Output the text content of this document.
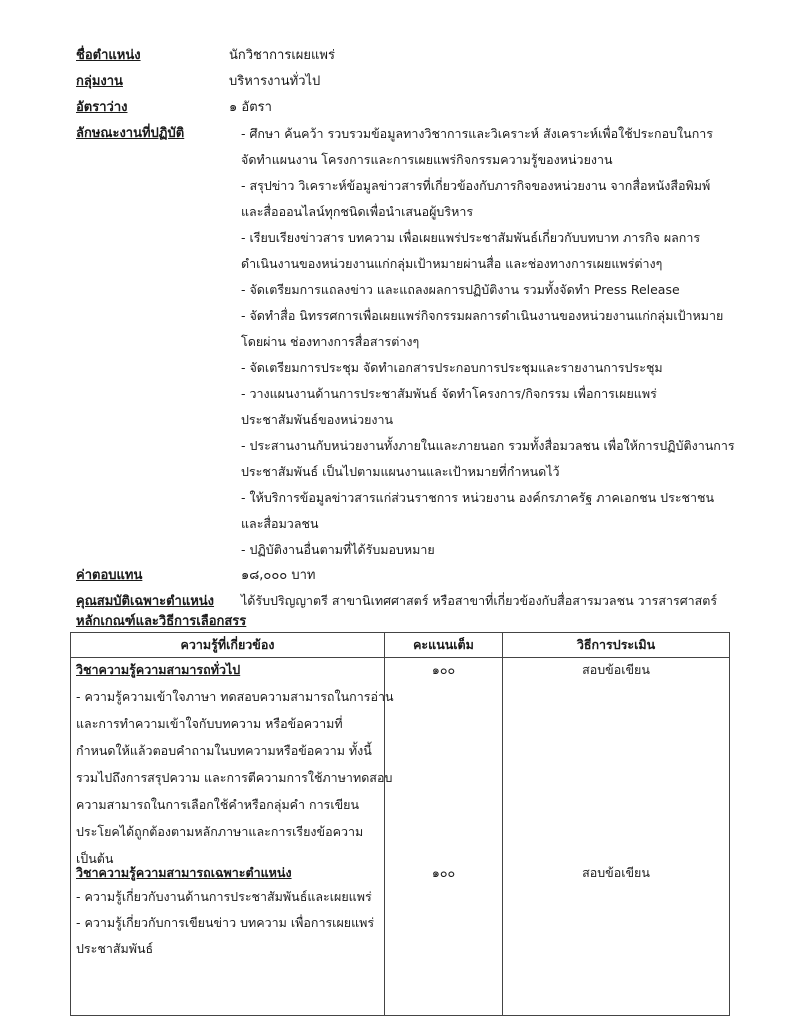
ชื่อตำแหน่ง	นักวิชาการเผยแพร่
กลุ่มงาน	บริหารงานทั่วไป
อัตราว่าง	๑ อัตรา
ลักษณะงานที่ปฏิบัติ	- ศึกษา ค้นคว้า รวบรวมข้อมูลทางวิชาการและวิเคราะห์ สังเคราะห์เพื่อใช้ประกอบในการ
จัดทำแผนงาน โครงการและการเผยแพร่กิจกรรมความรู้ของหน่วยงาน
- สรุปข่าว วิเคราะห์ข้อมูลข่าวสารที่เกี่ยวข้องกับภารกิจของหน่วยงาน จากสื่อหนังสือพิมพ์
และสื่อออนไลน์ทุกชนิดเพื่อนำเสนอผู้บริหาร
- เรียบเรียงข่าวสาร บทความ เพื่อเผยแพร่ประชาสัมพันธ์เกี่ยวกับบทบาท ภารกิจ ผลการ
ดำเนินงานของหน่วยงานแก่กลุ่มเป้าหมายผ่านสื่อ และช่องทางการเผยแพร่ต่างๆ
- จัดเตรียมการแถลงข่าว และแถลงผลการปฏิบัติงาน รวมทั้งจัดทำ Press Release
- จัดทำสื่อ นิทรรศการเพื่อเผยแพร่กิจกรรมผลการดำเนินงานของหน่วยงานแก่กลุ่มเป้าหมาย
โดยผ่าน ช่องทางการสื่อสารต่างๆ
- จัดเตรียมการประชุม จัดทำเอกสารประกอบการประชุมและรายงานการประชุม
- วางแผนงานด้านการประชาสัมพันธ์ จัดทำโครงการ/กิจกรรม เพื่อการเผยแพร่
ประชาสัมพันธ์ของหน่วยงาน
- ประสานงานกับหน่วยงานทั้งภายในและภายนอก รวมทั้งสื่อมวลชน เพื่อให้การปฏิบัติงานการ
ประชาสัมพันธ์ เป็นไปตามแผนงานและเป้าหมายที่กำหนดไว้
- ให้บริการข้อมูลข่าวสารแก่ส่วนราชการ หน่วยงาน องค์กรภาครัฐ ภาคเอกชน ประชาชน
และสื่อมวลชน
- ปฏิบัติงานอื่นตามที่ได้รับมอบหมาย
ค่าตอบแทน	๑๘,๐๐๐ บาท
คุณสมบัติเฉพาะตำแหน่ง ได้รับปริญญาตรี สาขานิเทศศาสตร์ หรือสาขาที่เกี่ยวข้องกับสื่อสารมวลชน วารสารศาสตร์
หลักเกณฑ์และวิธีการเลือกสรร
ความรู้ที่เกี่ยวข้อง	คะแนนเต็ม	วิธีการประเมิน
วิชาความรู้ความสามารถทั่วไป
- ความรู้ความเข้าใจภาษา ทดสอบความสามารถในการอ่าน
และการทำความเข้าใจกับบทความ หรือข้อความที่
กำหนดให้แล้วตอบคำถามในบทความหรือข้อความ ทั้งนี้
รวมไปถึงการสรุปความ และการตีความการใช้ภาษาทดสอบ
ความสามารถในการเลือกใช้คำหรือกลุ่มคำ การเขียน
ประโยคได้ถูกต้องตามหลักภาษาและการเรียงข้อความ
เป็นต้น
๑๐๐	สอบข้อเขียน
วิชาความรู้ความสามารถเฉพาะตำแหน่ง
- ความรู้เกี่ยวกับงานด้านการประชาสัมพันธ์และเผยแพร่
- ความรู้เกี่ยวกับการเขียนข่าว บทความ เพื่อการเผยแพร่
ประชาสัมพันธ์
๑๐๐	สอบข้อเขียน
